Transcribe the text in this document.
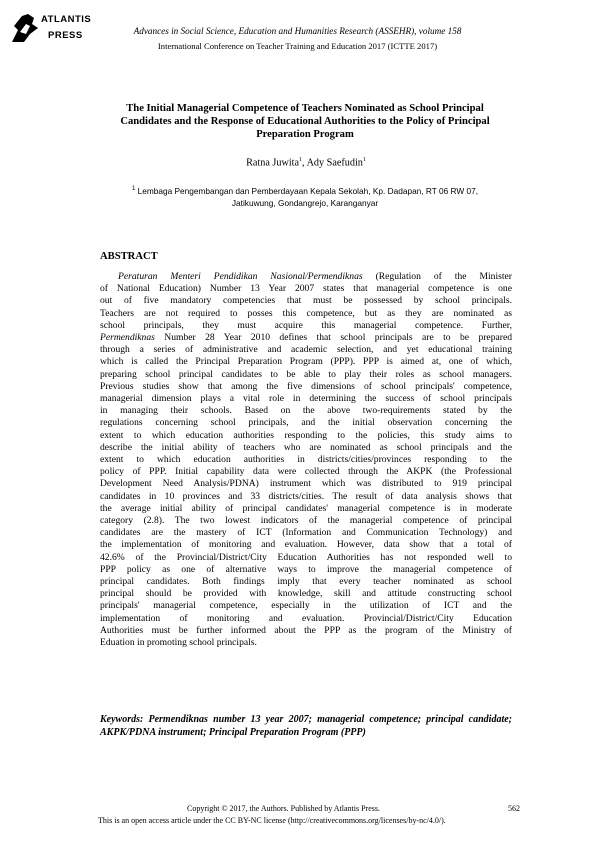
ATLANTIS
PRESS	Advances in Social Science, Education and Humanities Research (ASSEHR), volume 158
International Conference on Teacher Training and Education 2017 (ICTTE 2017)
The Initial Managerial Competence of Teachers Nominated as School Principal Candidates and the Response of Educational Authorities to the Policy of Principal Preparation Program
Ratna Juwita$^1$, Ady Saefudin$^1$
$^1$ Lembaga Pengembangan dan Pemberdayaan Kepala Sekolah, Kp. Dadapan, RT 06 RW 07,
Jatikuwung, Gondangrejo, Karanganyar
ABSTRACT
Peraturan Menteri Pendidikan Nasional/Permendiknas (Regulation of the Minister
of National Education) Number 13 Year 2007 states that managerial competence is one
out of five mandatory competencies that must be possessed by school principals.
Teachers are not required to posses this competence, but as they are nominated as
school principals, they must acquire this managerial competence. Further,
Permendiknas Number 28 Year 2010 defines that school principals are to be prepared
through a series of administrative and academic selection, and yet educational training
which is called the Principal Preparation Program (PPP). PPP is aimed at, one of which,
preparing school principal candidates to be able to play their roles as school managers.
Previous studies show that among the five dimensions of school principals' competence,
managerial dimension plays a vital role in determining the success of school principals
in managing their schools. Based on the above two-requirements stated by the
regulations concerning school principals, and the initial observation concerning the
extent to which education authorities responding to the policies, this study aims to
describe the initial ability of teachers who are nominated as school principals and the
extent to which education authorities in districts/cities/provinces responding to the
policy of PPP. Initial capability data were collected through the AKPK (the Professional
Development Need Analysis/PDNA) instrument which was distributed to 919 principal
candidates in 10 provinces and 33 districts/cities. The result of data analysis shows that
the average initial ability of principal candidates' managerial competence is in moderate
category (2.8). The two lowest indicators of the managerial competence of principal
candidates are the mastery of ICT (Information and Communication Technology) and
the implementation of monitoring and evaluation. However, data show that a total of
42.6% of the Provincial/District/City Education Authorities has not responded well to
PPP policy as one of alternative ways to improve the managerial competence of
principal candidates. Both findings imply that every teacher nominated as school
principal should be provided with knowledge, skill and attitude constructing school
principals' managerial competence, especially in the utilization of ICT and the
implementation of monitoring and evaluation. Provincial/District/City Education
Authorities must be further informed about the PPP as the program of the Ministry of
Eduation in promoting school principals.
Keywords: Permendiknas number 13 year 2007; managerial competence; principal candidate; AKPK/PDNA instrument; Principal Preparation Program (PPP)
Copyright © 2017, the Authors. Published by Atlantis Press.	562
This is an open access article under the CC BY-NC license (http://creativecommons.org/licenses/by-nc/4.0/).
